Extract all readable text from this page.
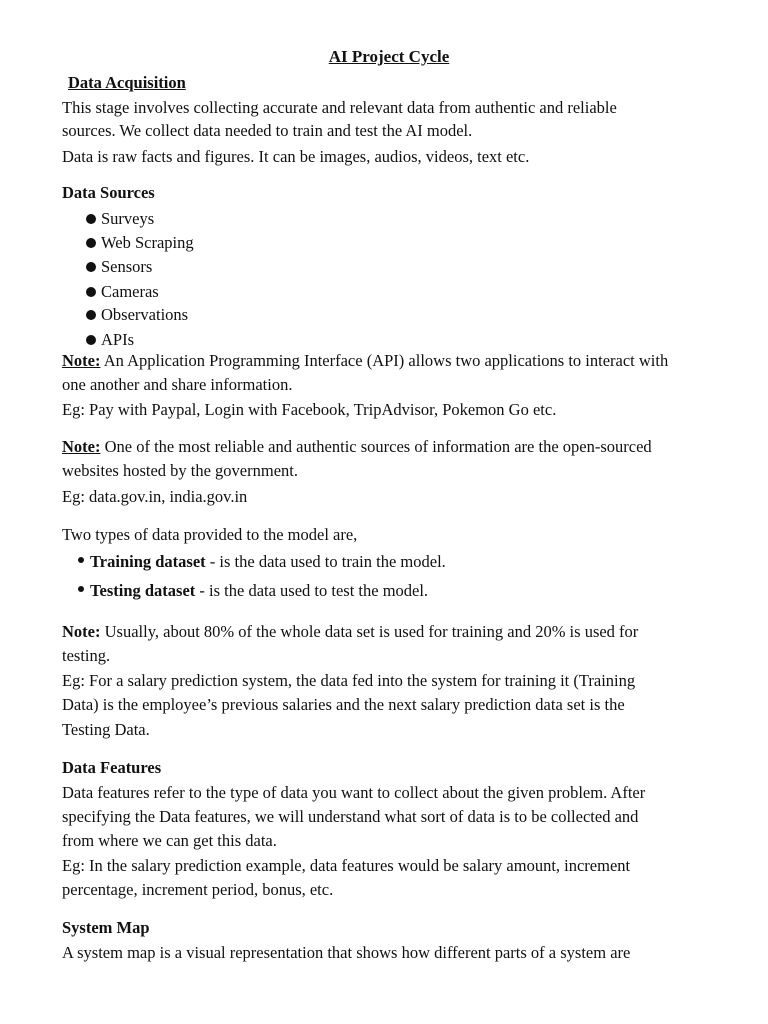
AI Project Cycle
Data Acquisition
This stage involves collecting accurate and relevant data from authentic and reliable
sources. We collect data needed to train and test the AI model.
Data is raw facts and figures. It can be images, audios, videos, text etc.
Data Sources
Surveys
Web Scraping
Sensors
Cameras
Observations
APIs
Note: An Application Programming Interface (API) allows two applications to interact with
one another and share information.
Eg: Pay with Paypal, Login with Facebook, TripAdvisor, Pokemon Go etc.
Note: One of the most reliable and authentic sources of information are the open-sourced
websites hosted by the government.
Eg: data.gov.in, india.gov.in
Two types of data provided to the model are,
Training dataset - is the data used to train the model.
Testing dataset - is the data used to test the model.
Note: Usually, about 80% of the whole data set is used for training and 20% is used for
testing.
Eg: For a salary prediction system, the data fed into the system for training it (Training
Data) is the employee’s previous salaries and the next salary prediction data set is the
Testing Data.
Data Features
Data features refer to the type of data you want to collect about the given problem. After
specifying the Data features, we will understand what sort of data is to be collected and
from where we can get this data.
Eg: In the salary prediction example, data features would be salary amount, increment
percentage, increment period, bonus, etc.
System Map
A system map is a visual representation that shows how different parts of a system are
